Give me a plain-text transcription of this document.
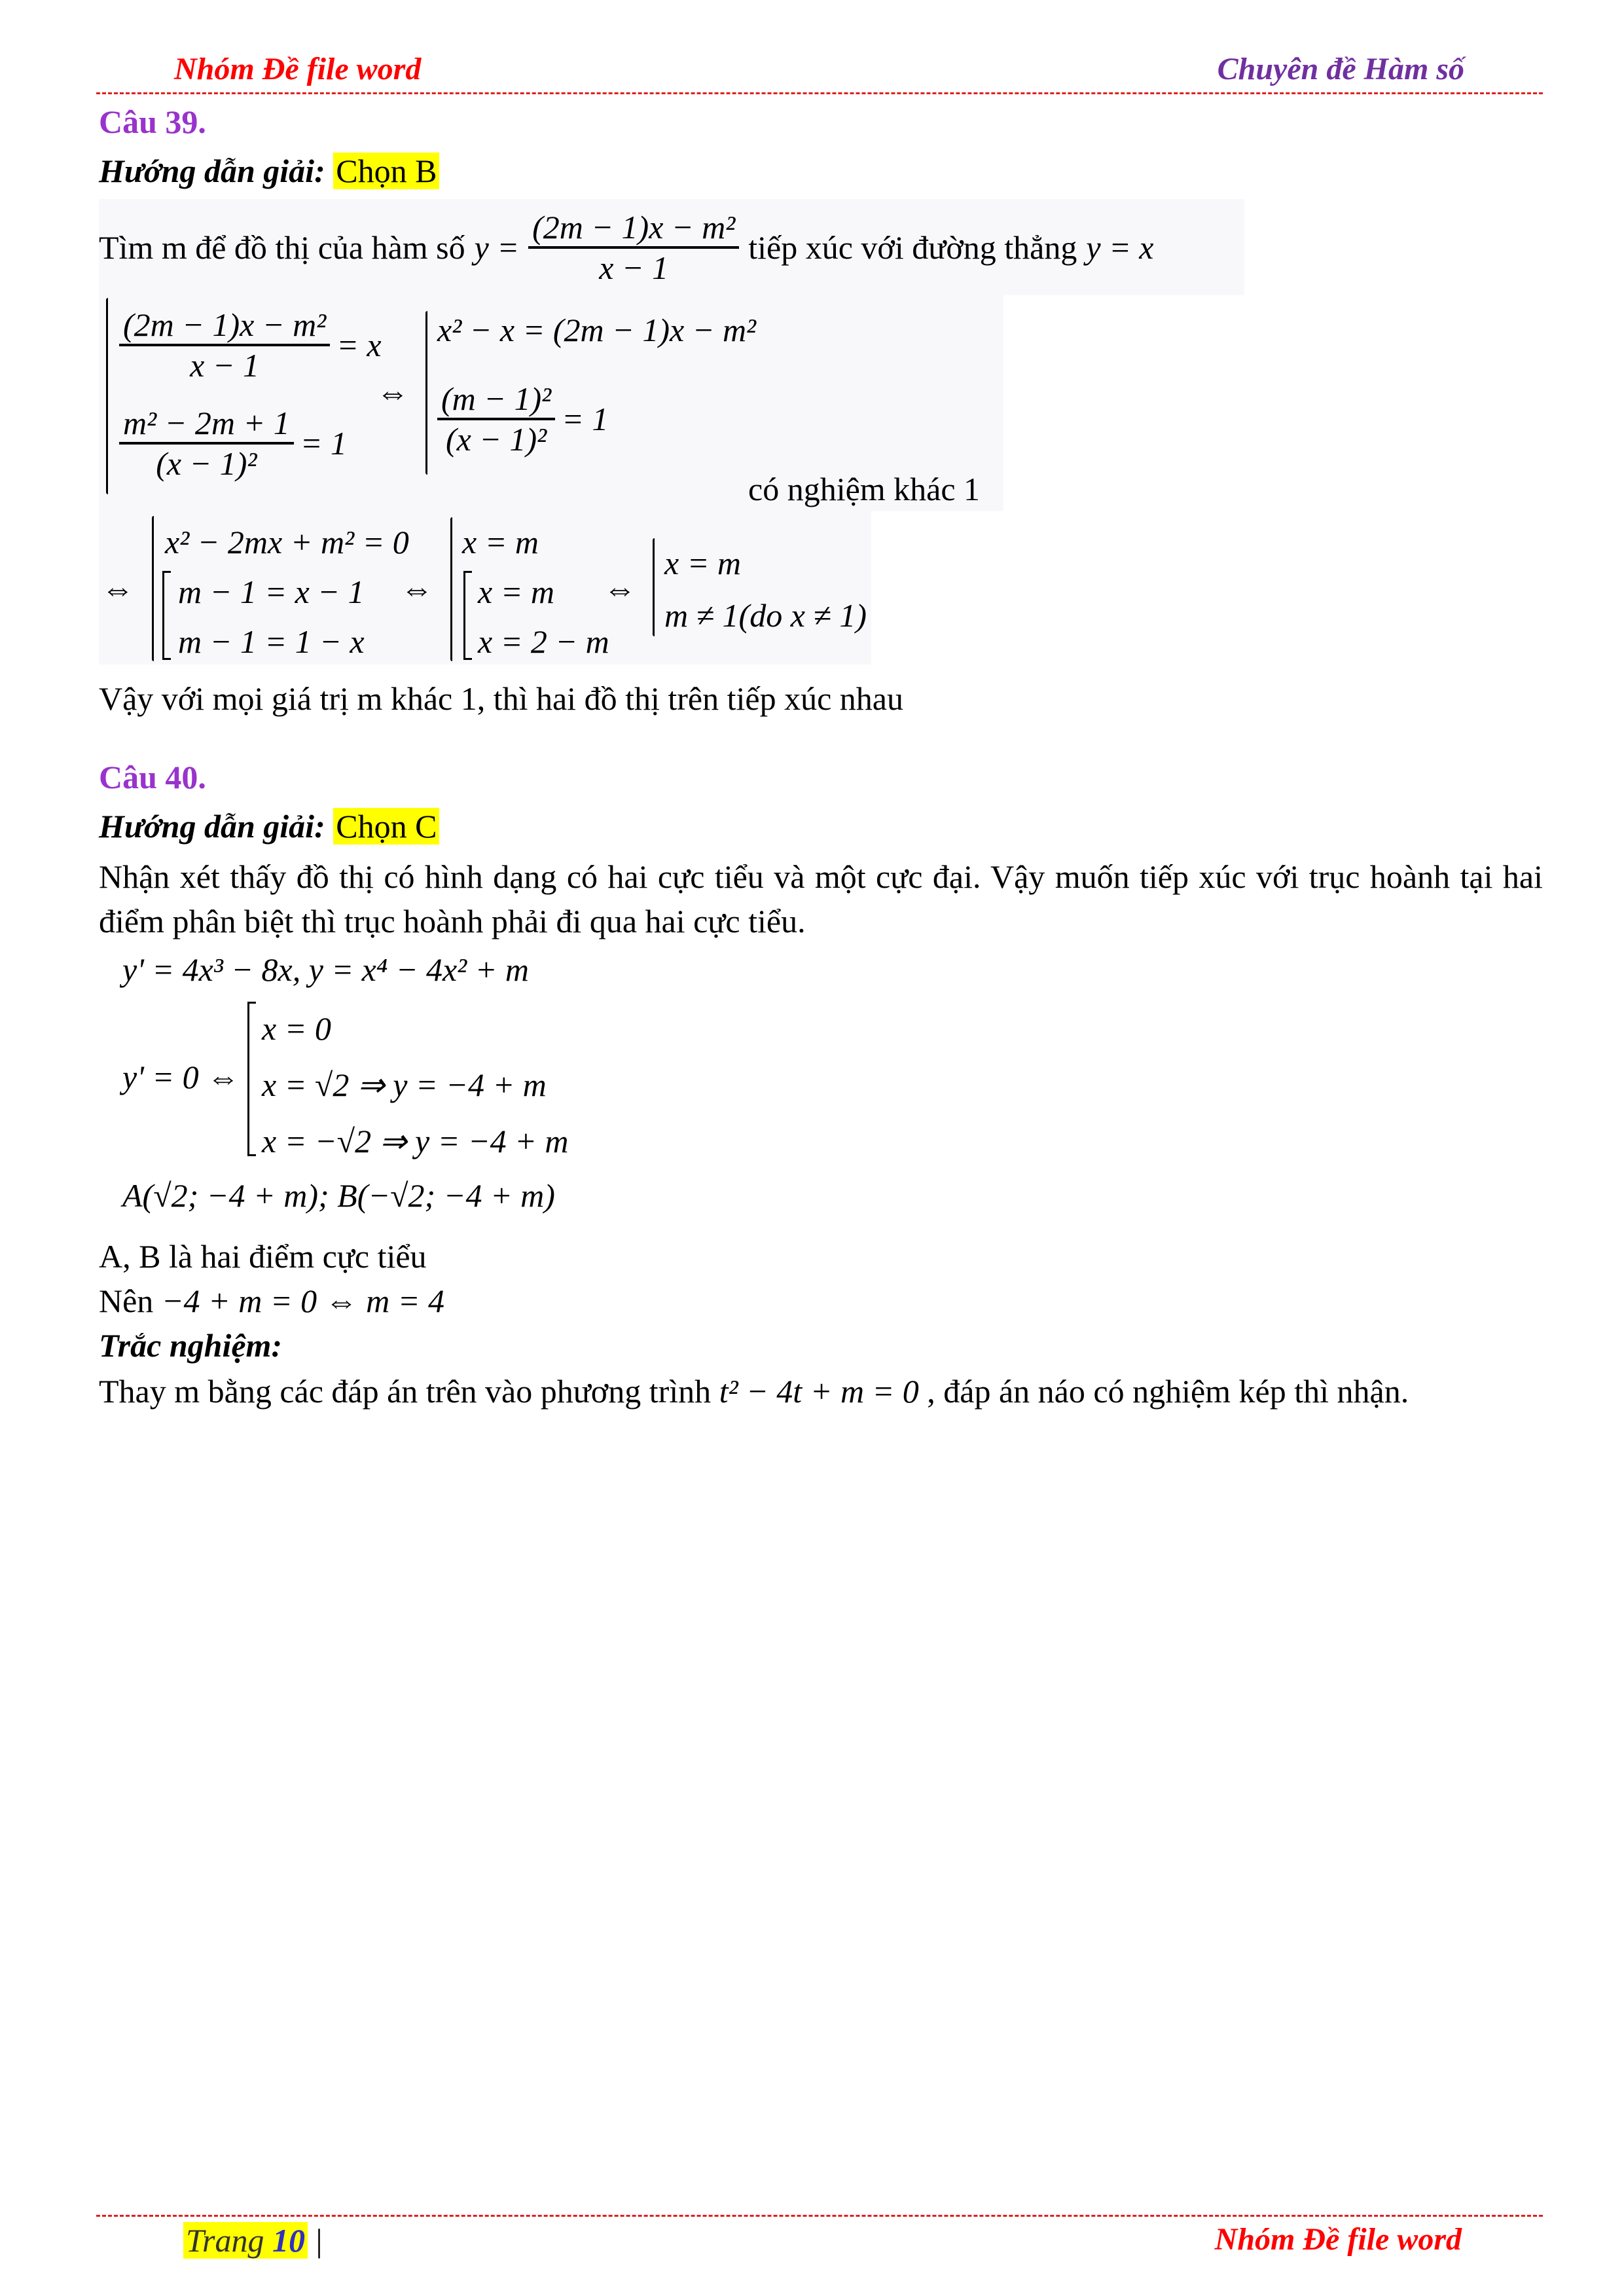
Nhóm Đề file word	Chuyên đề Hàm số
Câu 39.
Hướng dẫn giải: Chọn B
Tìm m để đồ thị của hàm số $y = \frac{\text{(2m − 1)x − m²}}{x - 1}$ tiếp xúc với đường thẳng y = x
$\frac{\text{(2m − 1)x − m²}}{x - 1} = x$
$\frac{\text{m² − 2m + 1}}{\text{(x − 1)²}} = 1$
⇔
x² − x = (2m − 1)x − m²
$\frac{\text{(m − 1)²}}{\text{(x − 1)²}} = 1$
có nghiệm khác 1
⇔
x² − 2mx + m² = 0
m − 1 = x − 1
m − 1 = 1 − x
⇔
x = m
x = m
x = 2 − m
⇔
x = m
m ≠ 1(do x ≠ 1)
Vậy với mọi giá trị m khác 1, thì hai đồ thị trên tiếp xúc nhau
Câu 40.
Hướng dẫn giải: Chọn C
Nhận xét thấy đồ thị có hình dạng có hai cực tiểu và một cực đại. Vậy muốn tiếp xúc với trục hoành tại hai điểm phân biệt thì trục hoành phải đi qua hai cực tiểu.
y' = 4x³ − 8x, y = x⁴ − 4x² + m
y' = 0 ⇔
x = 0
x = √2 ⇒ y = −4 + m
x = −√2 ⇒ y = −4 + m
A(√2; −4 + m); B(−√2; −4 + m)
A, B là hai điểm cực tiểu
Nên −4 + m = 0 ⇔ m = 4
Trắc nghiệm:
Thay m bằng các đáp án trên vào phương trình t² − 4t + m = 0 , đáp án náo có nghiệm kép thì nhận.
Trang 10 |	Nhóm Đề file word
